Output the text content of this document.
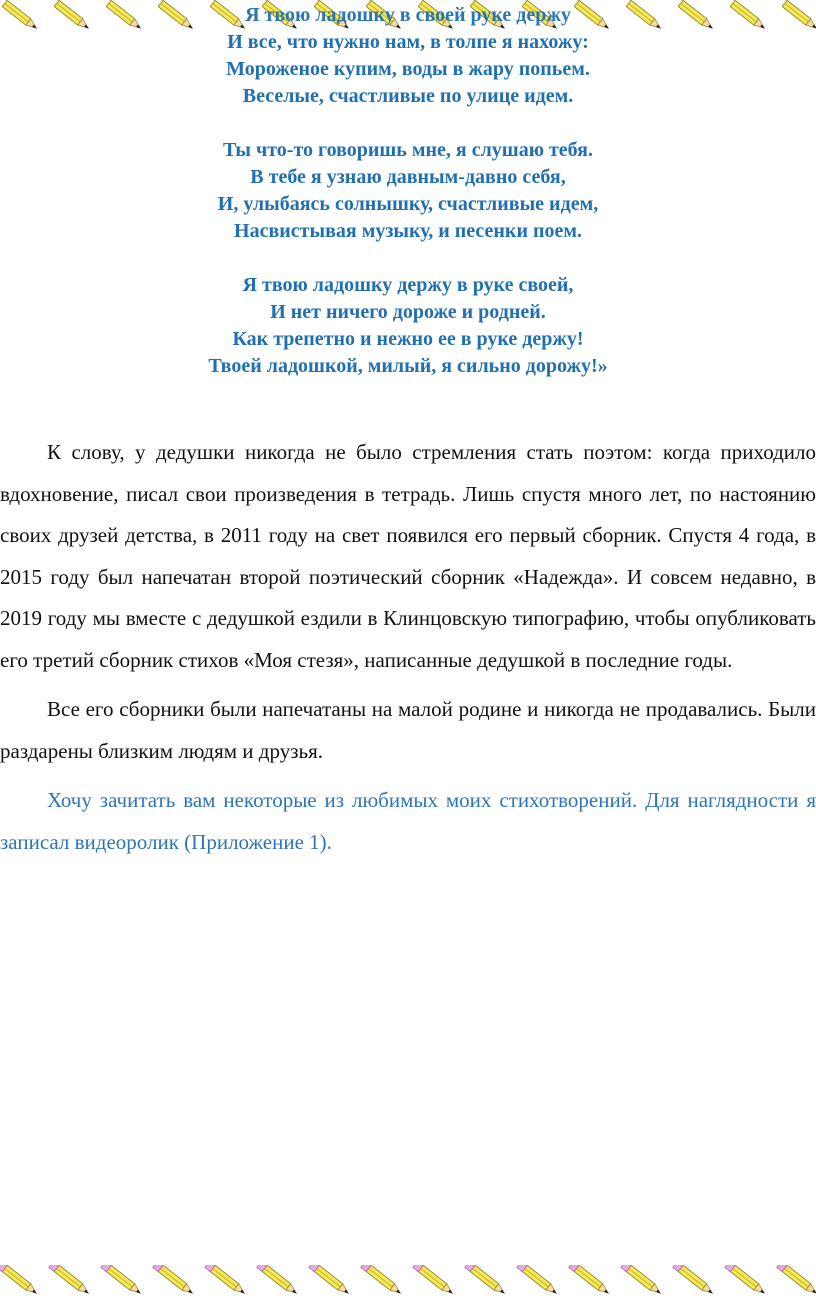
Я твою ладошку в своей руке держу
И все, что нужно нам, в толпе я нахожу:
Мороженое купим, воды в жару попьем.
Веселые, счастливые по улице идем.
Ты что-то говоришь мне, я слушаю тебя.
В тебе я узнаю давным-давно себя,
И, улыбаясь солнышку, счастливые идем,
Насвистывая музыку, и песенки поем.
Я твою ладошку держу в руке своей,
И нет ничего дороже и родней.
Как трепетно и нежно ее в руке держу!
Твоей ладошкой, милый, я сильно дорожу!»

К слову, у дедушки никогда не было стремления стать поэтом: когда приходило вдохновение, писал свои произведения в тетрадь. Лишь спустя много лет, по настоянию своих друзей детства, в 2011 году на свет появился его первый сборник. Спустя 4 года, в 2015 году был напечатан второй поэтический сборник «Надежда». И совсем недавно, в 2019 году мы вместе с дедушкой ездили в Клинцовскую типографию, чтобы опубликовать его третий сборник стихов «Моя стезя», написанные дедушкой в последние годы.

Все его сборники были напечатаны на малой родине и никогда не продавались. Были раздарены близким людям и друзья.

Хочу зачитать вам некоторые из любимых моих стихотворений. Для наглядности я записал видеоролик (Приложение 1).
